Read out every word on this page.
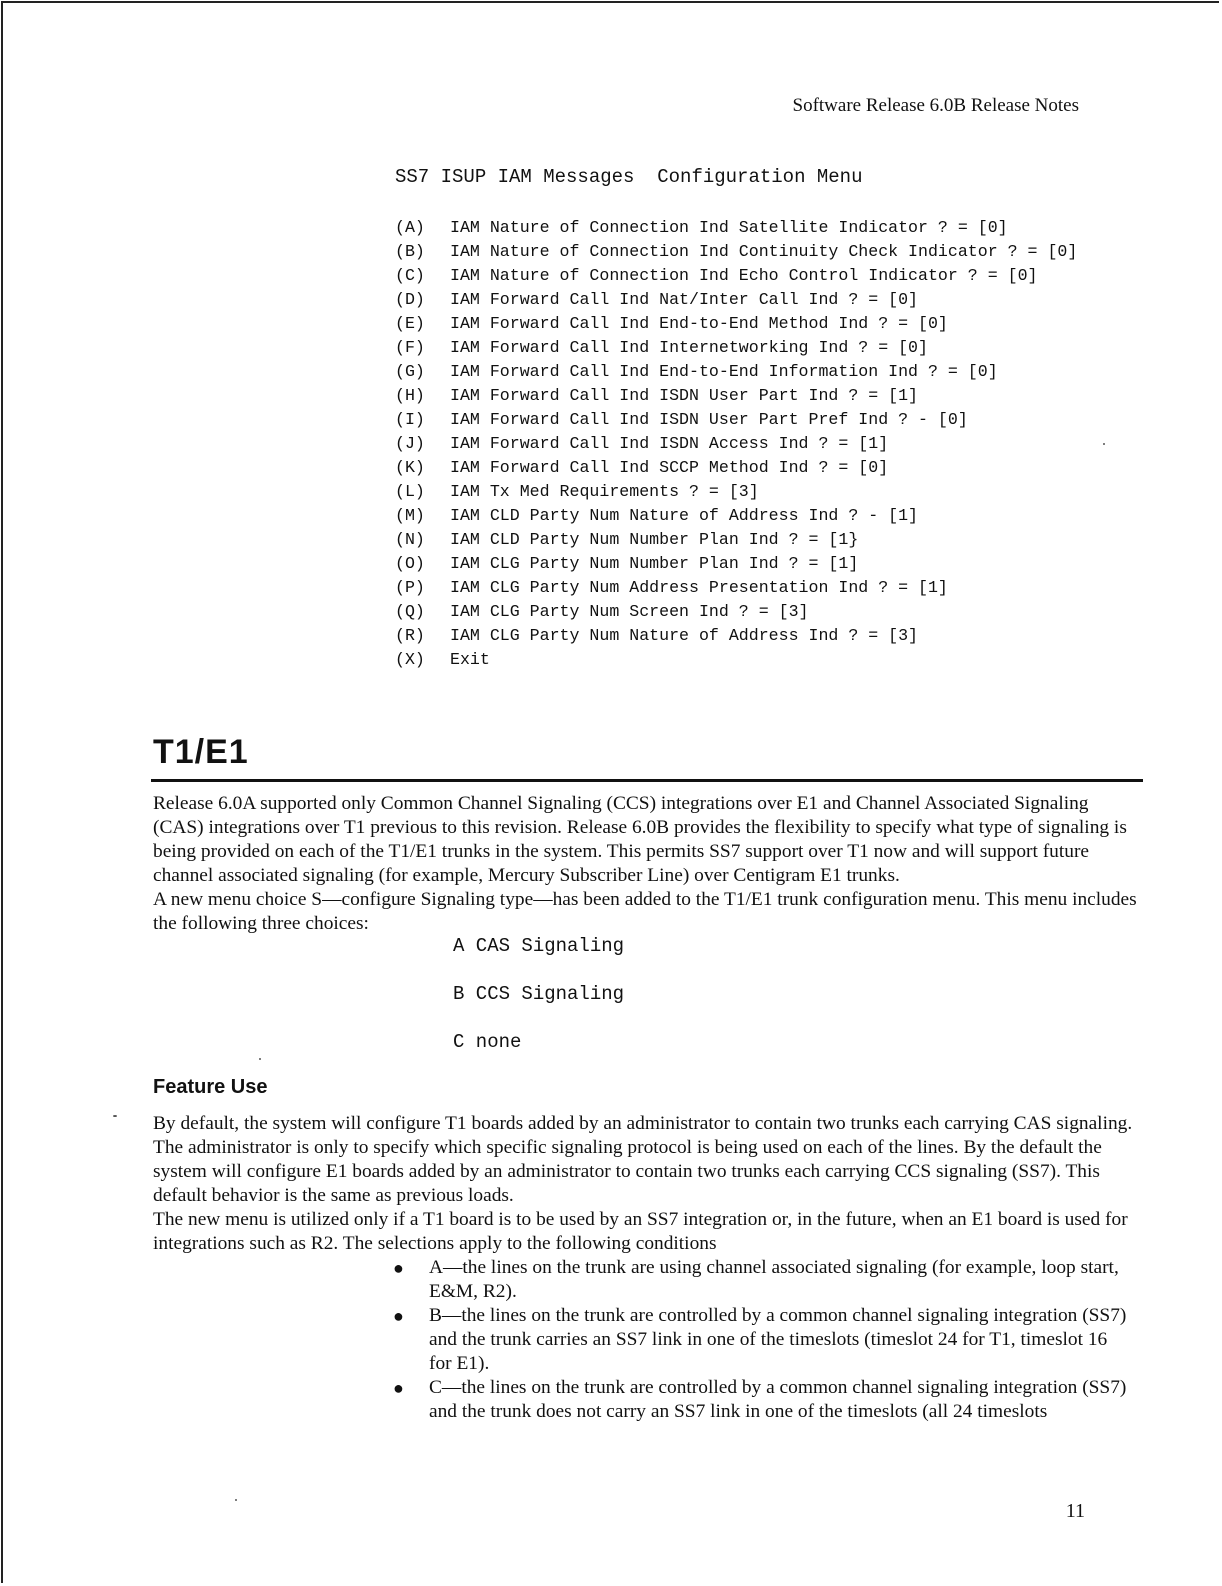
Software Release 6.0B Release Notes
SS7 ISUP IAM Messages  Configuration Menu
(A)	IAM Nature of Connection Ind Satellite Indicator ? = [0]
(B)	IAM Nature of Connection Ind Continuity Check Indicator ? = [0]
(C)	IAM Nature of Connection Ind Echo Control Indicator ? = [0]
(D)	IAM Forward Call Ind Nat/Inter Call Ind ? = [0]
(E)	IAM Forward Call Ind End-to-End Method Ind ? = [0]
(F)	IAM Forward Call Ind Internetworking Ind ? = [0]
(G)	IAM Forward Call Ind End-to-End Information Ind ? = [0]
(H)	IAM Forward Call Ind ISDN User Part Ind ? = [1]
(I)	IAM Forward Call Ind ISDN User Part Pref Ind ? - [0]
(J)	IAM Forward Call Ind ISDN Access Ind ? = [1]
(K)	IAM Forward Call Ind SCCP Method Ind ? = [0]
(L)	IAM Tx Med Requirements ? = [3]
(M)	IAM CLD Party Num Nature of Address Ind ? - [1]
(N)	IAM CLD Party Num Number Plan Ind ? = [1}
(O)	IAM CLG Party Num Number Plan Ind ? = [1]
(P)	IAM CLG Party Num Address Presentation Ind ? = [1]
(Q)	IAM CLG Party Num Screen Ind ? = [3]
(R)	IAM CLG Party Num Nature of Address Ind ? = [3]
(X)	Exit
T1/E1
Release 6.0A supported only Common Channel Signaling (CCS) integrations over E1 and Channel Associated Signaling (CAS) integrations over T1 previous to this revision. Release 6.0B provides the flexibility to specify what type of signaling is being provided on each of the T1/E1 trunks in the system. This permits SS7 support over T1 now and will support future channel associated signaling (for example, Mercury Subscriber Line) over Centigram E1 trunks.
A new menu choice S—configure Signaling type—has been added to the T1/E1 trunk configuration menu. This menu includes the following three choices:
A CAS Signaling
B CCS Signaling
C none
Feature Use
By default, the system will configure T1 boards added by an administrator to contain two trunks each carrying CAS signaling. The administrator is only to specify which specific signaling protocol is being used on each of the lines. By the default the system will configure E1 boards added by an administrator to contain two trunks each carrying CCS signaling (SS7). This default behavior is the same as previous loads.
The new menu is utilized only if a T1 board is to be used by an SS7 integration or, in the future, when an E1 board is used for integrations such as R2. The selections apply to the following conditions
●	A—the lines on the trunk are using channel associated signaling (for example, loop start, E&M, R2).
●	B—the lines on the trunk are controlled by a common channel signaling integration (SS7) and the trunk carries an SS7 link in one of the timeslots (timeslot 24 for T1, timeslot 16 for E1).
●	C—the lines on the trunk are controlled by a common channel signaling integration (SS7) and the trunk does not carry an SS7 link in one of the timeslots (all 24 timeslots
11
